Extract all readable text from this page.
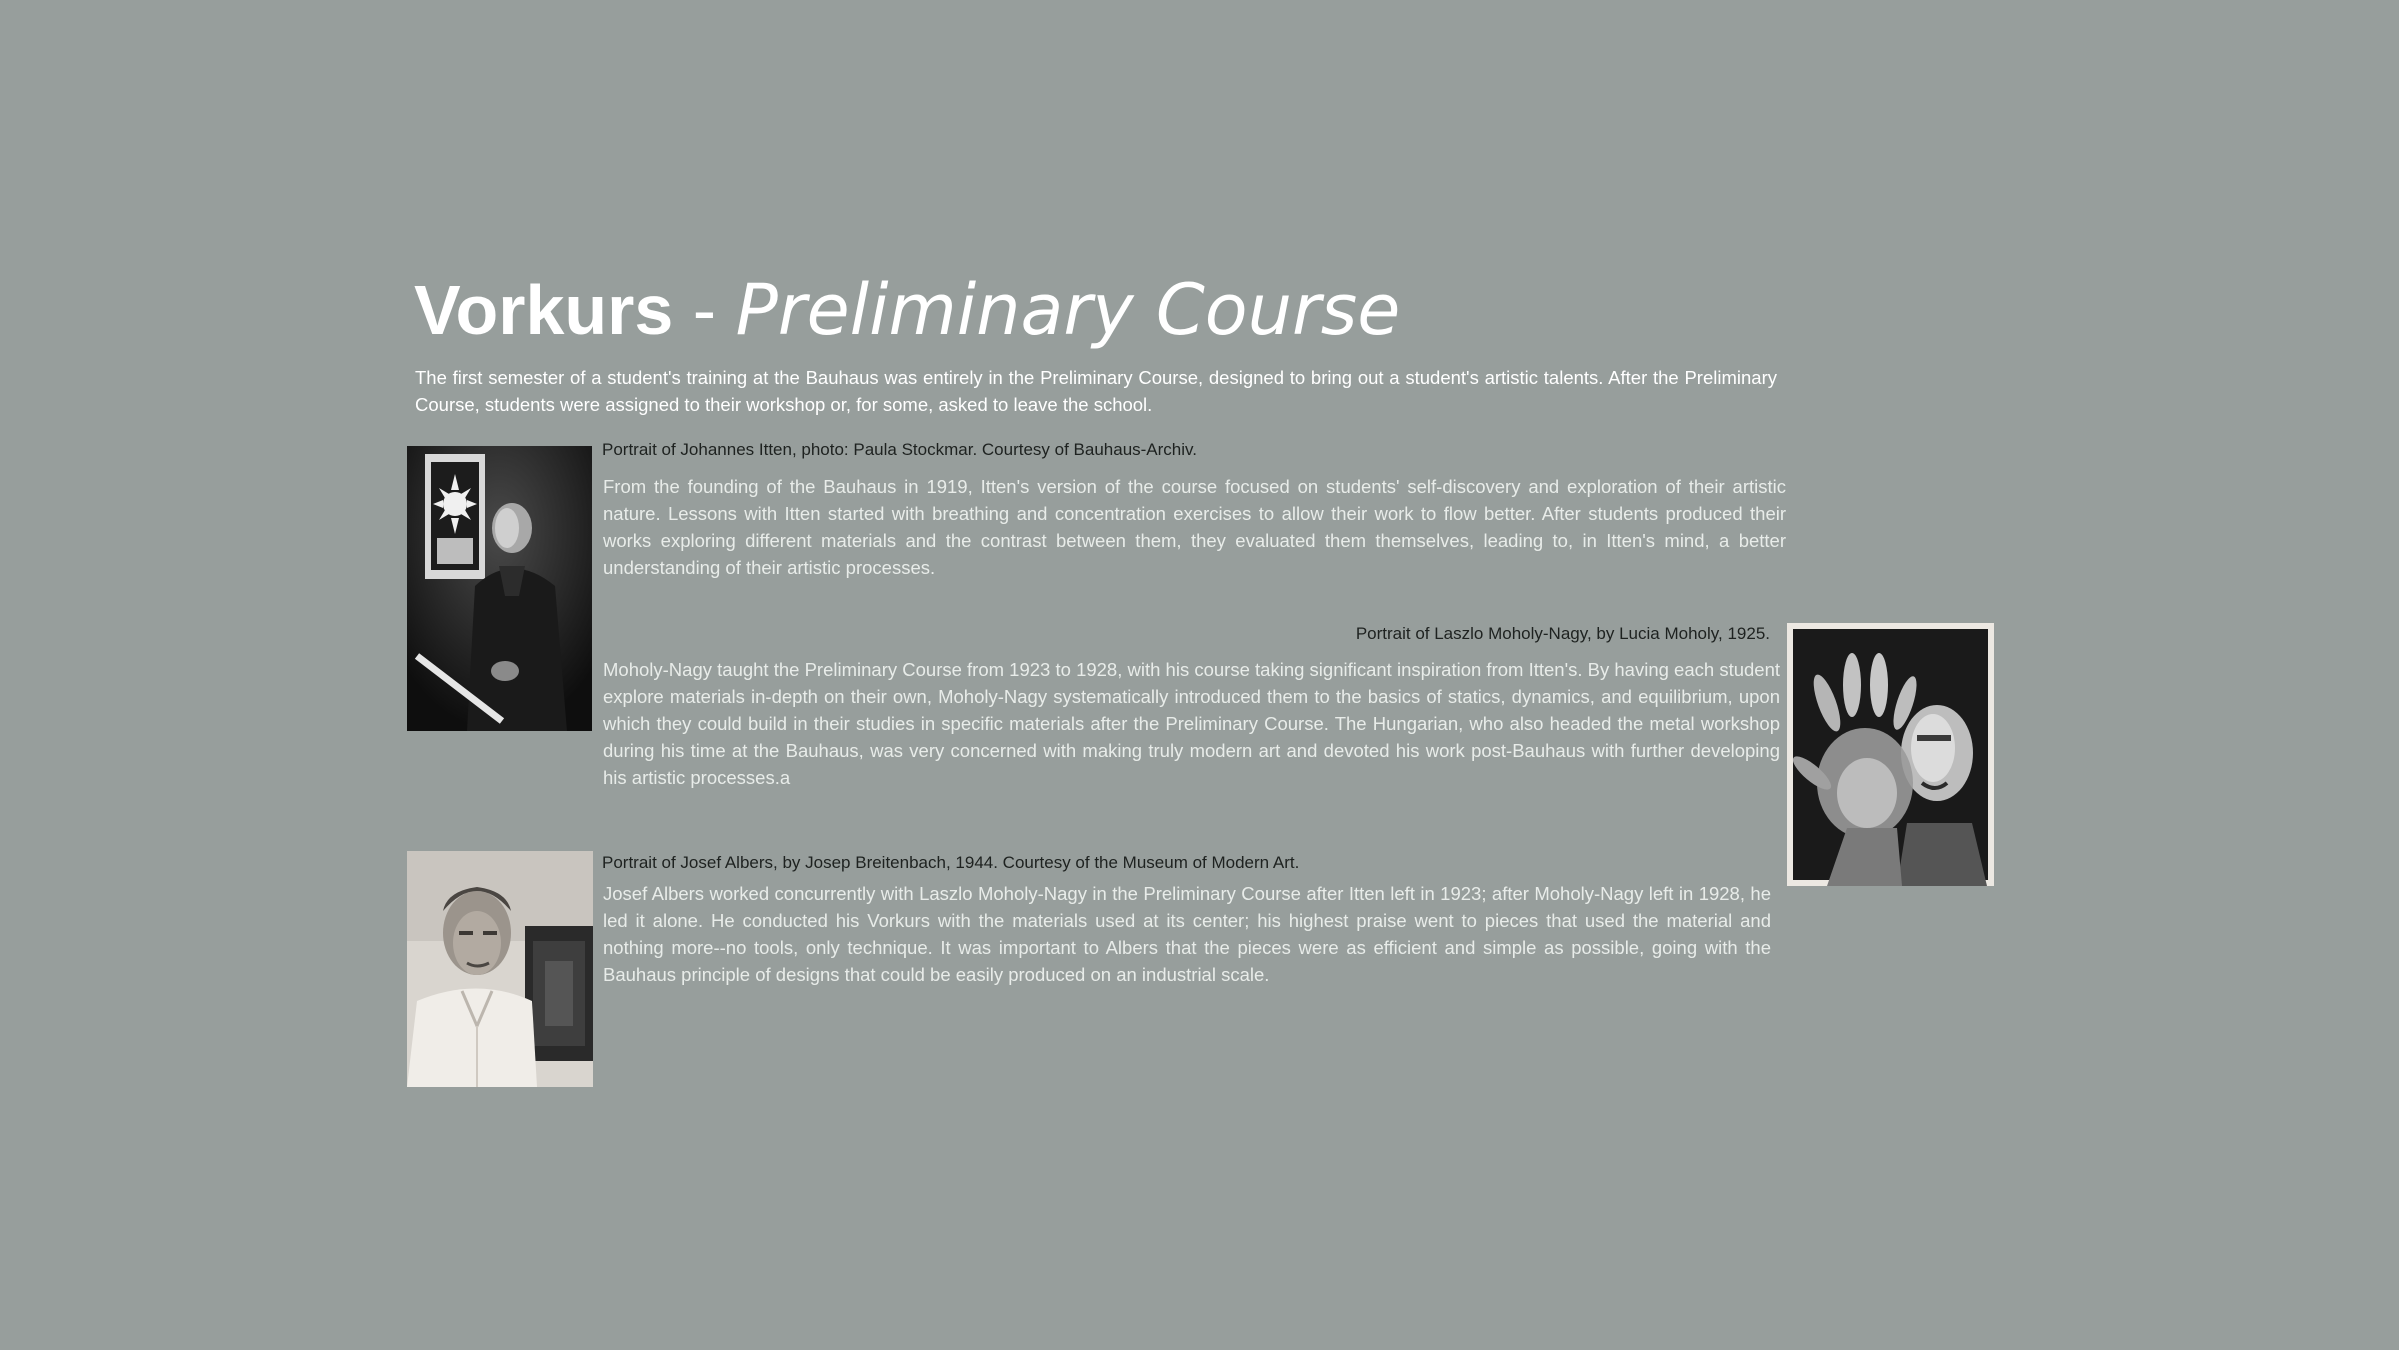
Vorkurs - Preliminary Course

The first semester of a student's training at the Bauhaus was entirely in the Preliminary Course, designed to bring out a student's artistic talents. After the Preliminary Course, students were assigned to their workshop or, for some, asked to leave the school.

Portrait of Johannes Itten, photo: Paula Stockmar. Courtesy of Bauhaus-Archiv.

From the founding of the Bauhaus in 1919, Itten's version of the course focused on students' self-discovery and exploration of their artistic nature. Lessons with Itten started with breathing and concentration exercises to allow their work to flow better. After students produced their works exploring different materials and the contrast between them, they evaluated them themselves, leading to, in Itten's mind, a better understanding of their artistic processes.

Portrait of Laszlo Moholy-Nagy, by Lucia Moholy, 1925.

Moholy-Nagy taught the Preliminary Course from 1923 to 1928, with his course taking significant inspiration from Itten's. By having each student explore materials in-depth on their own, Moholy-Nagy systematically introduced them to the basics of statics, dynamics, and equilibrium, upon which they could build in their studies in specific materials after the Preliminary Course. The Hungarian, who also headed the metal workshop during his time at the Bauhaus, was very concerned with making truly modern art and devoted his work post-Bauhaus with further developing his artistic processes.a

Portrait of Josef Albers, by Josep Breitenbach, 1944. Courtesy of the Museum of Modern Art.

Josef Albers worked concurrently with Laszlo Moholy-Nagy in the Preliminary Course after Itten left in 1923; after Moholy-Nagy left in 1928, he led it alone. He conducted his Vorkurs with the materials used at its center; his highest praise went to pieces that used the material and nothing more--no tools, only technique. It was important to Albers that the pieces were as efficient and simple as possible, going with the Bauhaus principle of designs that could be easily produced on an industrial scale.
